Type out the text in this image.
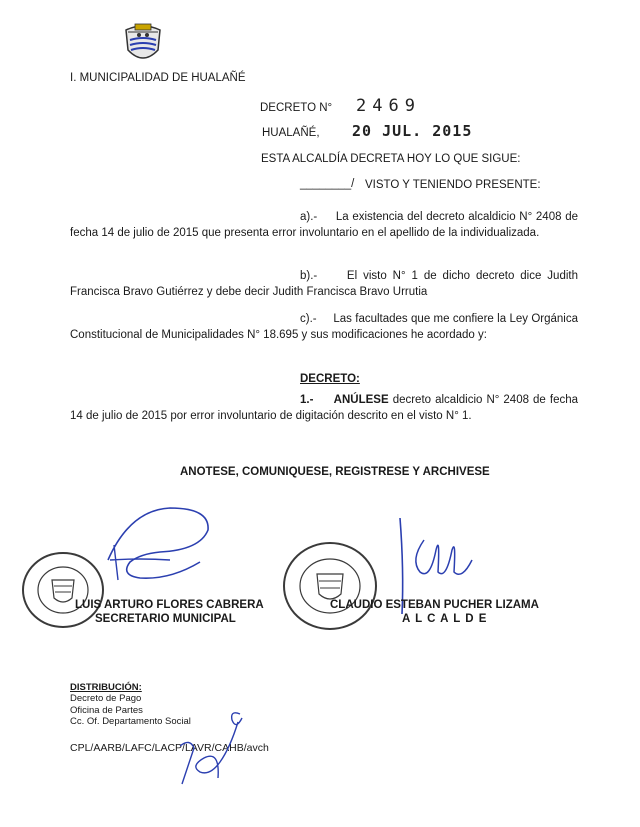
I. MUNICIPALIDAD DE HUALAÑÉ
DECRETO N° 2469
HUALAÑÉ, 20 JUL. 2015
ESTA ALCALDÍA DECRETA HOY LO QUE SIGUE:
________/ VISTO Y TENIENDO PRESENTE:
a).- La existencia del decreto alcaldicio N° 2408 de fecha 14 de julio de 2015 que presenta error involuntario en el apellido de la individualizada.
b).-	El visto N° 1 de dicho decreto dice Judith Francisca Bravo Gutiérrez y debe decir Judith Francisca Bravo Urrutia
c).- Las facultades que me confiere la Ley Orgánica Constitucional de Municipalidades N° 18.695 y sus modificaciones he acordado y:
DECRETO:
1.- ANÚLESE decreto alcaldicio N° 2408 de fecha 14 de julio de 2015 por error involuntario de digitación descrito en el visto N° 1.
ANOTESE, COMUNIQUESE, REGISTRESE Y ARCHIVESE
LUIS ARTURO FLORES CABRERA
SECRETARIO MUNICIPAL
CLAUDIO ESTEBAN PUCHER LIZAMA
A L C A L D E
DISTRIBUCIÓN:
Decreto de Pago
Oficina de Partes
Cc. Of. Departamento Social
CPL/AARB/LAFC/LACP/LAVR/CAHB/avch
